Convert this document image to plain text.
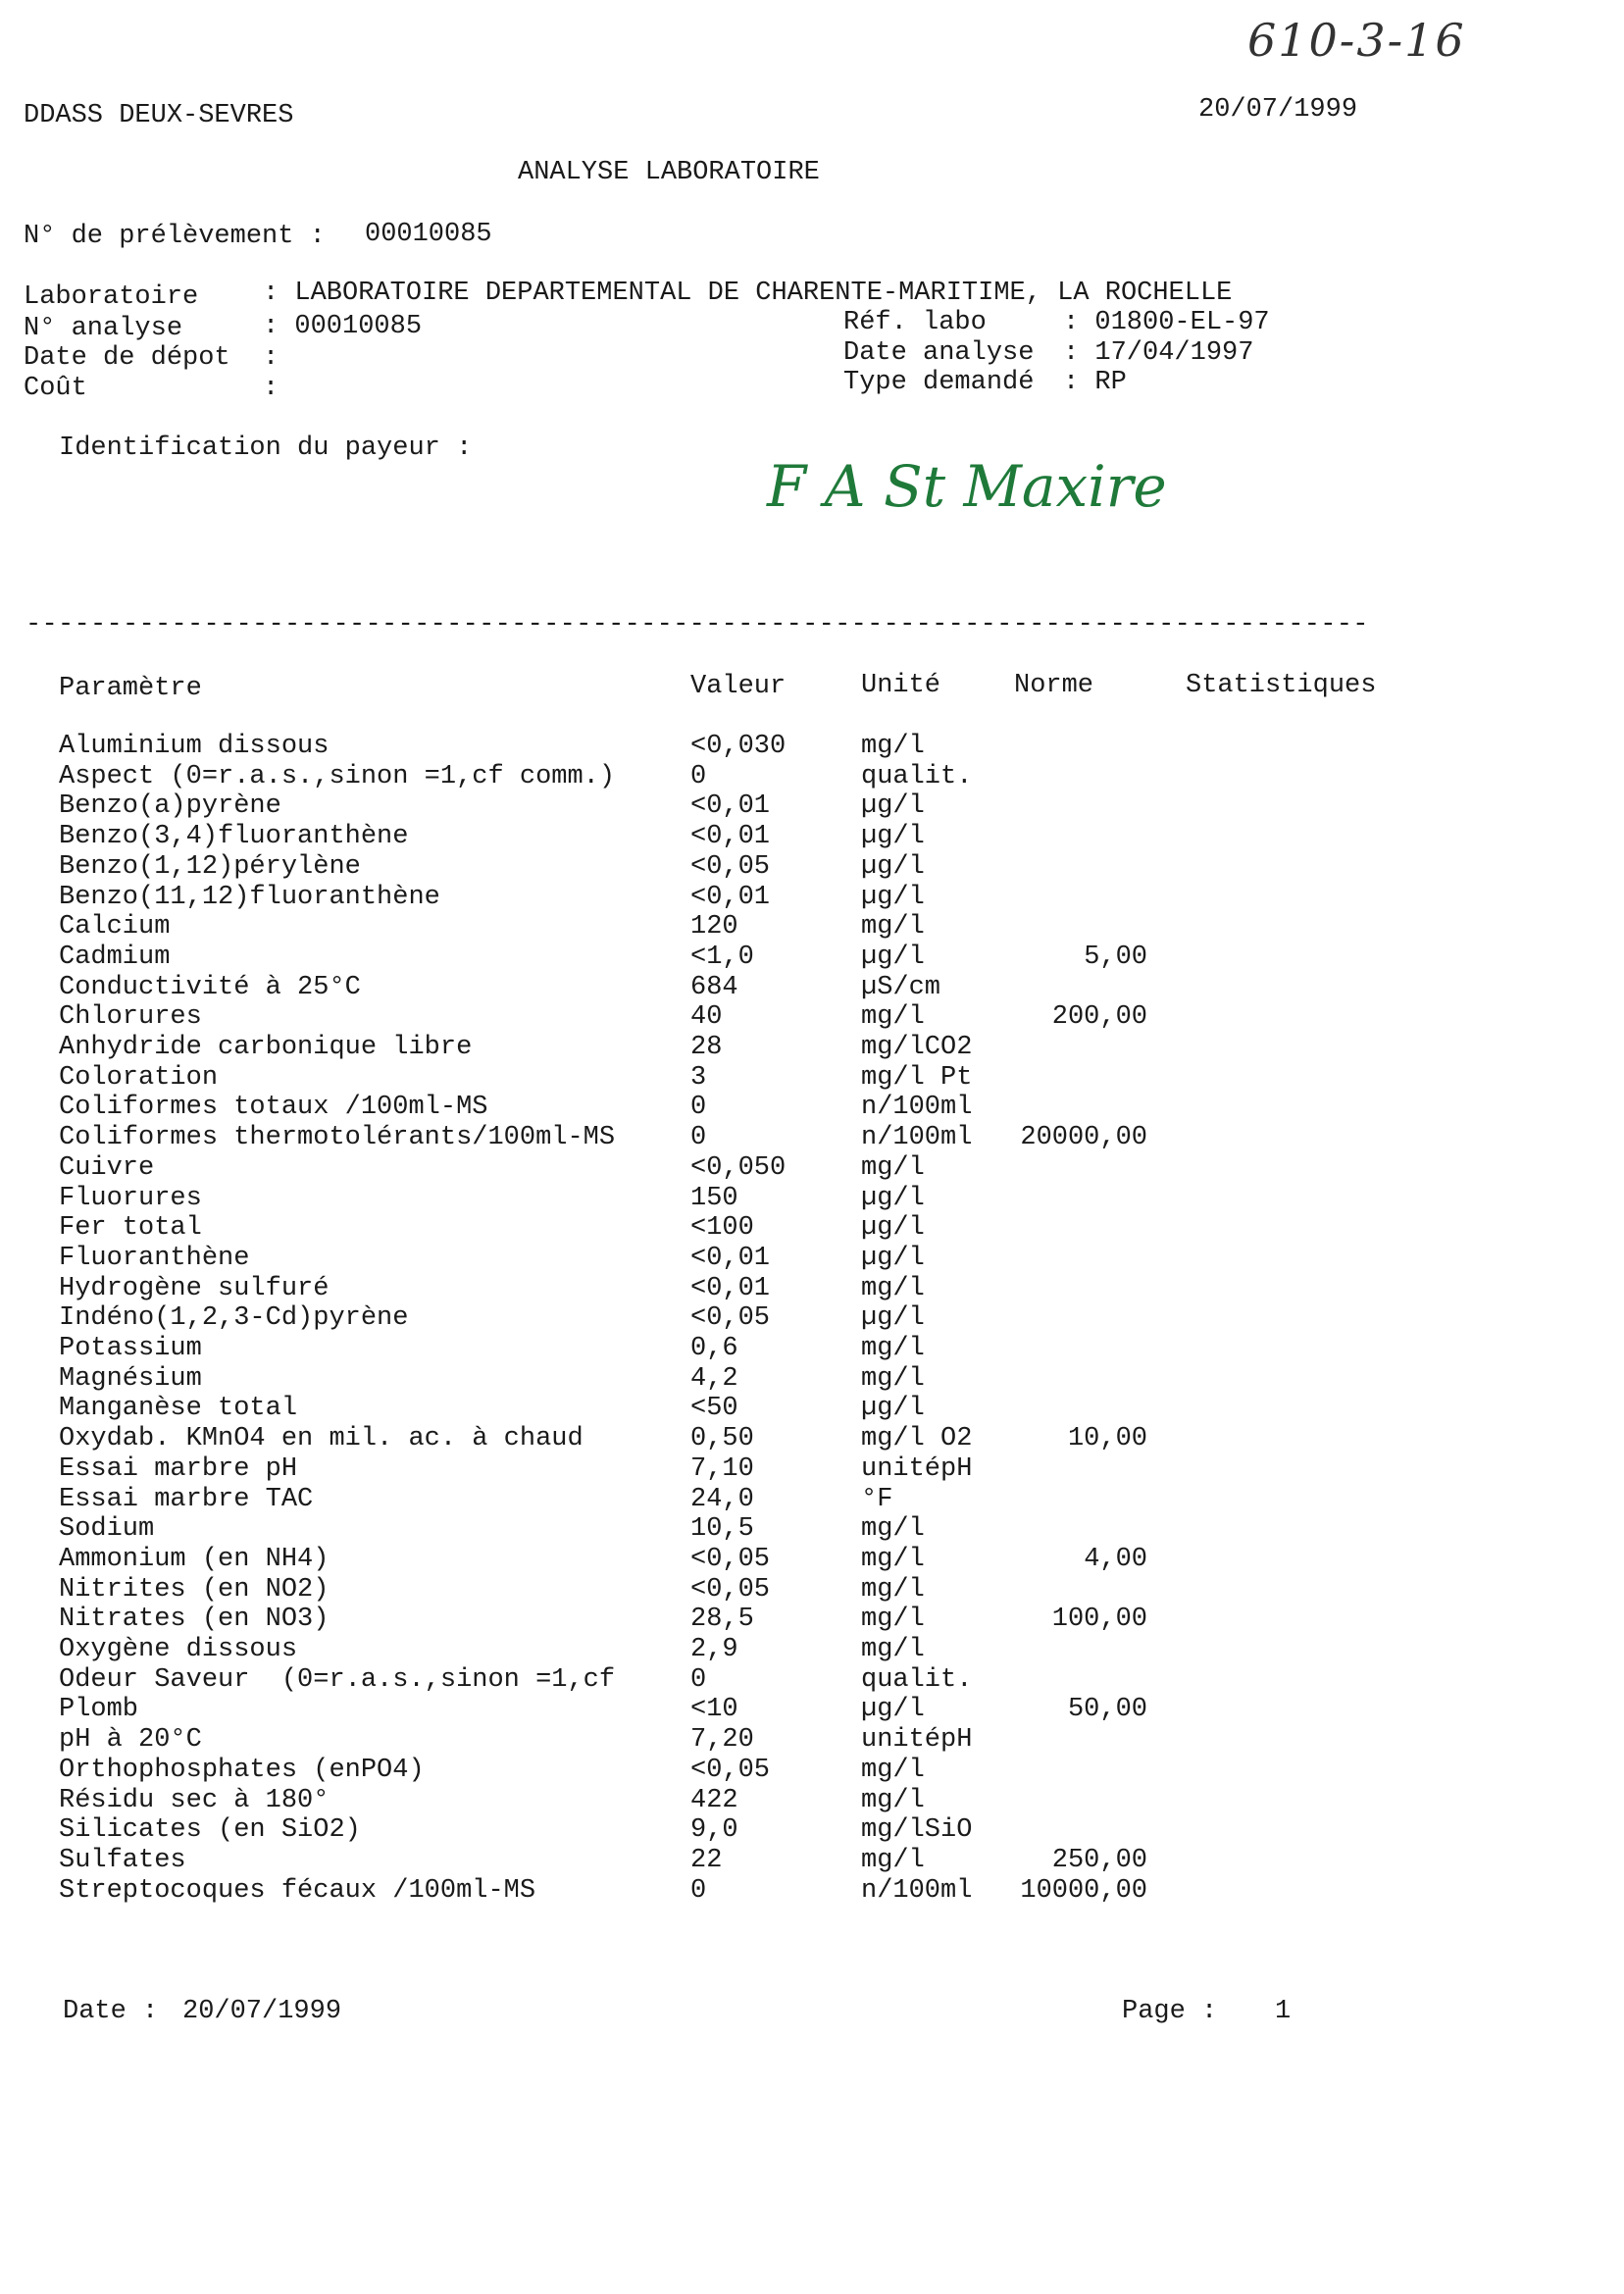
610-3-16
DDASS DEUX-SEVRES	20/07/1999
ANALYSE LABORATOIRE
N° de prélèvement : 00010085
Laboratoire : LABORATOIRE DEPARTEMENTAL DE CHARENTE-MARITIME, LA ROCHELLE
N° analyse	: 00010085
Date de dépot :
Coût	:
Réf. labo	: 01800-EL-97
Date analyse : 17/04/1997
Type demandé : RP
Identification du payeur :
F A St Maxire
-----------------------------------------------------------------------------------
Paramètre	Valeur	Unité	Norme	Statistiques
Aluminium dissous	<0,030	mg/l
Aspect (0=r.a.s.,sinon =1,cf comm.)	0	qualit.
Benzo(a)pyrène	<0,01	µg/l
Benzo(3,4)fluoranthène	<0,01	µg/l
Benzo(1,12)pérylène	<0,05	µg/l
Benzo(11,12)fluoranthène	<0,01	µg/l
Calcium	120	mg/l
Cadmium	<1,0	µg/l	5,00
Conductivité à 25°C	684	µS/cm
Chlorures	40	mg/l	200,00
Anhydride carbonique libre	28	mg/lCO2
Coloration	3	mg/l Pt
Coliformes totaux /100ml-MS	0	n/100ml
Coliformes thermotolérants/100ml-MS	0	n/100ml	20000,00
Cuivre	<0,050	mg/l
Fluorures	150	µg/l
Fer total	<100	µg/l
Fluoranthène	<0,01	µg/l
Hydrogène sulfuré	<0,01	mg/l
Indéno(1,2,3-Cd)pyrène	<0,05	µg/l
Potassium	0,6	mg/l
Magnésium	4,2	mg/l
Manganèse total	<50	µg/l
Oxydab. KMnO4 en mil. ac. à chaud	0,50	mg/l O2	10,00
Essai marbre pH	7,10	unitépH
Essai marbre TAC	24,0	°F
Sodium	10,5	mg/l
Ammonium (en NH4)	<0,05	mg/l	4,00
Nitrites (en NO2)	<0,05	mg/l
Nitrates (en NO3)	28,5	mg/l	100,00
Oxygène dissous	2,9	mg/l
Odeur Saveur  (0=r.a.s.,sinon =1,cf	0	qualit.
Plomb	<10	µg/l	50,00
pH à 20°C	7,20	unitépH
Orthophosphates (enPO4)	<0,05	mg/l
Résidu sec à 180°	422	mg/l
Silicates (en SiO2)	9,0	mg/lSiO
Sulfates	22	mg/l	250,00
Streptocoques fécaux /100ml-MS	0	n/100ml	10000,00
Date : 20/07/1999	Page : 1
